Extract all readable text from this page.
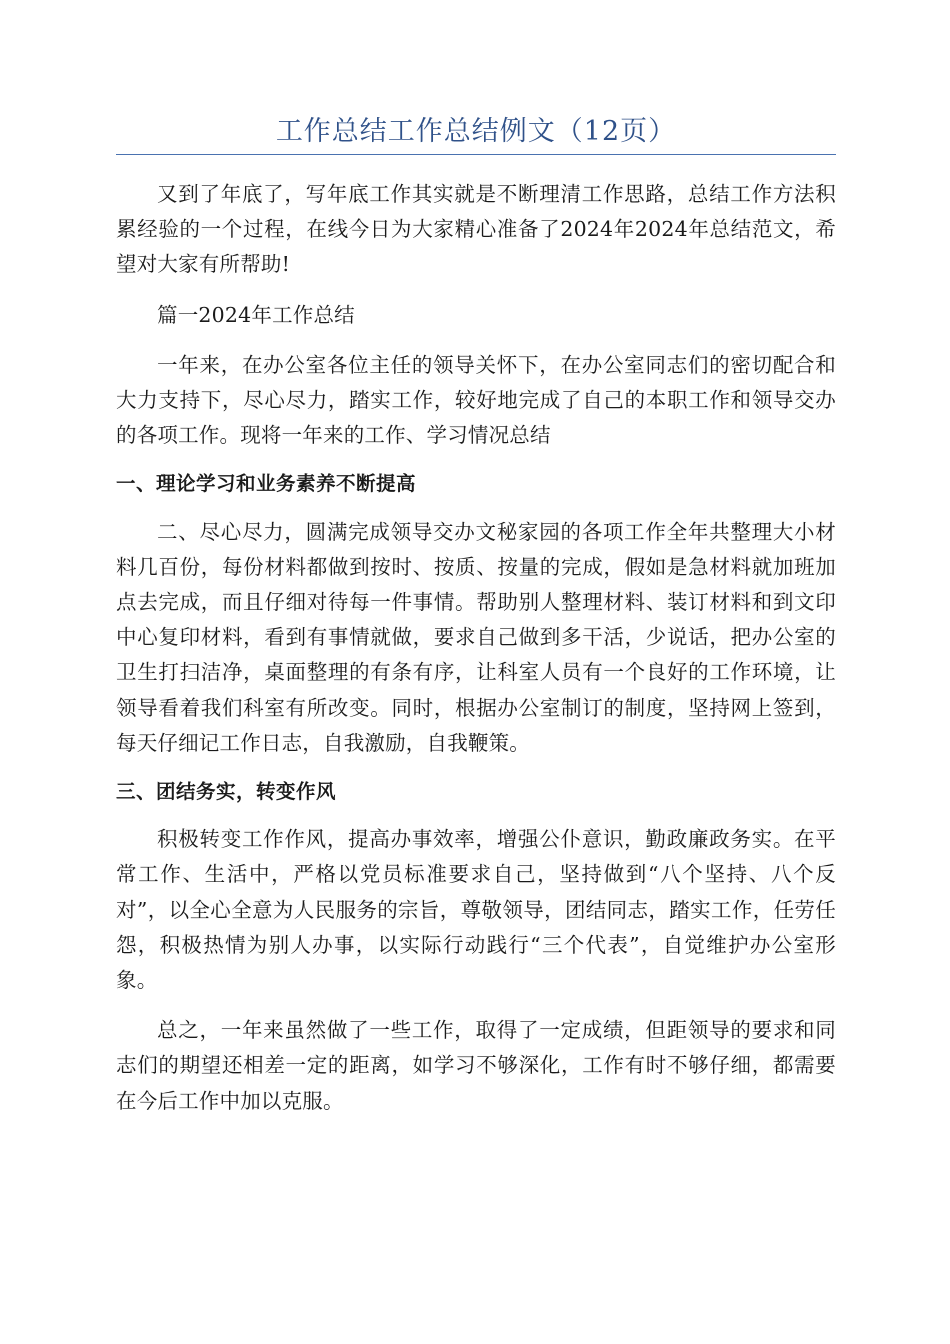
工作总结工作总结例文（12页）

又到了年底了，写年底工作其实就是不断理清工作思路，总结工作方法积累经验的一个过程，在线今日为大家精心准备了2024年2024年总结范文，希望对大家有所帮助!

篇一2024年工作总结

一年来，在办公室各位主任的领导关怀下，在办公室同志们的密切配合和大力支持下，尽心尽力，踏实工作，较好地完成了自己的本职工作和领导交办的各项工作。现将一年来的工作、学习情况总结

一、理论学习和业务素养不断提高

二、尽心尽力，圆满完成领导交办文秘家园的各项工作全年共整理大小材料几百份，每份材料都做到按时、按质、按量的完成，假如是急材料就加班加点去完成，而且仔细对待每一件事情。帮助别人整理材料、装订材料和到文印中心复印材料，看到有事情就做，要求自己做到多干活，少说话，把办公室的卫生打扫洁净，桌面整理的有条有序，让科室人员有一个良好的工作环境，让领导看着我们科室有所改变。同时，根据办公室制订的制度，坚持网上签到，每天仔细记工作日志，自我激励，自我鞭策。

三、团结务实，转变作风

积极转变工作作风，提高办事效率，增强公仆意识，勤政廉政务实。在平常工作、生活中，严格以党员标准要求自己，坚持做到“八个坚持、八个反对”，以全心全意为人民服务的宗旨，尊敬领导，团结同志，踏实工作，任劳任怨，积极热情为别人办事，以实际行动践行“三个代表”，自觉维护办公室形象。

总之，一年来虽然做了一些工作，取得了一定成绩，但距领导的要求和同志们的期望还相差一定的距离，如学习不够深化，工作有时不够仔细，都需要在今后工作中加以克服。
